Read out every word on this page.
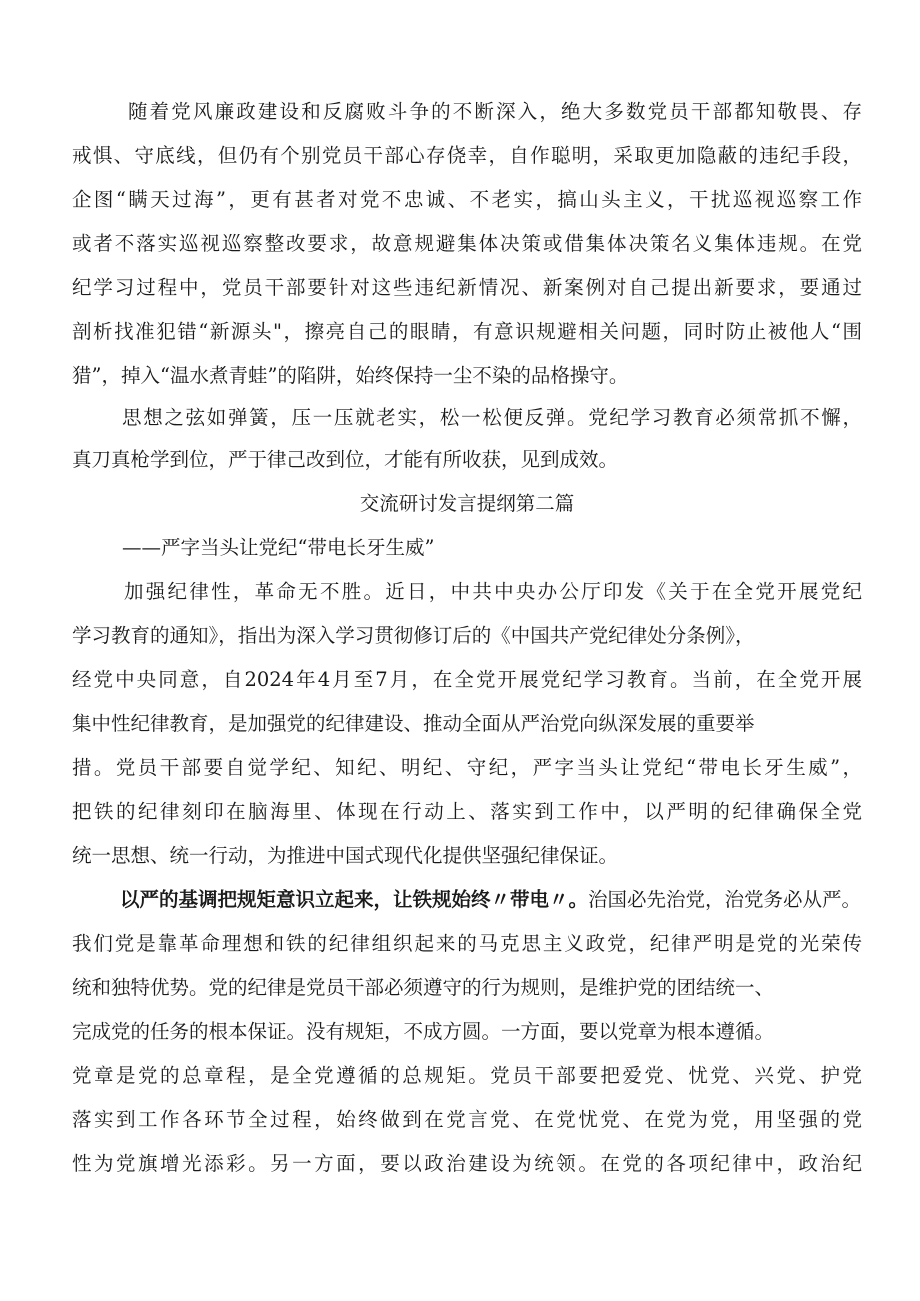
随着党风廉政建设和反腐败斗争的不断深入，绝大多数党员干部都知敬畏、存
戒惧、守底线，但仍有个别党员干部心存侥幸，自作聪明，采取更加隐蔽的违纪手段，
企图“瞒天过海”，更有甚者对党不忠诚、不老实，搞山头主义，干扰巡视巡察工作
或者不落实巡视巡察整改要求，故意规避集体决策或借集体决策名义集体违规。在党
纪学习过程中，党员干部要针对这些违纪新情况、新案例对自己提出新要求，要通过
剖析找准犯错“新源头"，擦亮自己的眼睛，有意识规避相关问题，同时防止被他人“围
猎”，掉入“温水煮青蛙”的陷阱，始终保持一尘不染的品格操守。
思想之弦如弹簧，压一压就老实，松一松便反弹。党纪学习教育必须常抓不懈，
真刀真枪学到位，严于律己改到位，才能有所收获，见到成效。
交流研讨发言提纲第二篇
——严字当头让党纪“带电长牙生威”
加强纪律性，革命无不胜。近日，中共中央办公厅印发《关于在全党开展党纪
学习教育的通知》，指出为深入学习贯彻修订后的《中国共产党纪律处分条例》，
经党中央同意，自2024年4月至7月，在全党开展党纪学习教育。当前，在全党开展
集中性纪律教育，是加强党的纪律建设、推动全面从严治党向纵深发展的重要举
措。党员干部要自觉学纪、知纪、明纪、守纪，严字当头让党纪“带电长牙生威”，
把铁的纪律刻印在脑海里、体现在行动上、落实到工作中，以严明的纪律确保全党
统一思想、统一行动，为推进中国式现代化提供坚强纪律保证。
以严的基调把规矩意识立起来，让铁规始终〃带电〃。治国必先治党，治党务必从严。
我们党是靠革命理想和铁的纪律组织起来的马克思主义政党，纪律严明是党的光荣传
统和独特优势。党的纪律是党员干部必须遵守的行为规则，是维护党的团结统一、
完成党的任务的根本保证。没有规矩，不成方圆。一方面，要以党章为根本遵循。
党章是党的总章程，是全党遵循的总规矩。党员干部要把爱党、忧党、兴党、护党
落实到工作各环节全过程，始终做到在党言党、在党忧党、在党为党，用坚强的党
性为党旗增光添彩。另一方面，要以政治建设为统领。在党的各项纪律中，政治纪
